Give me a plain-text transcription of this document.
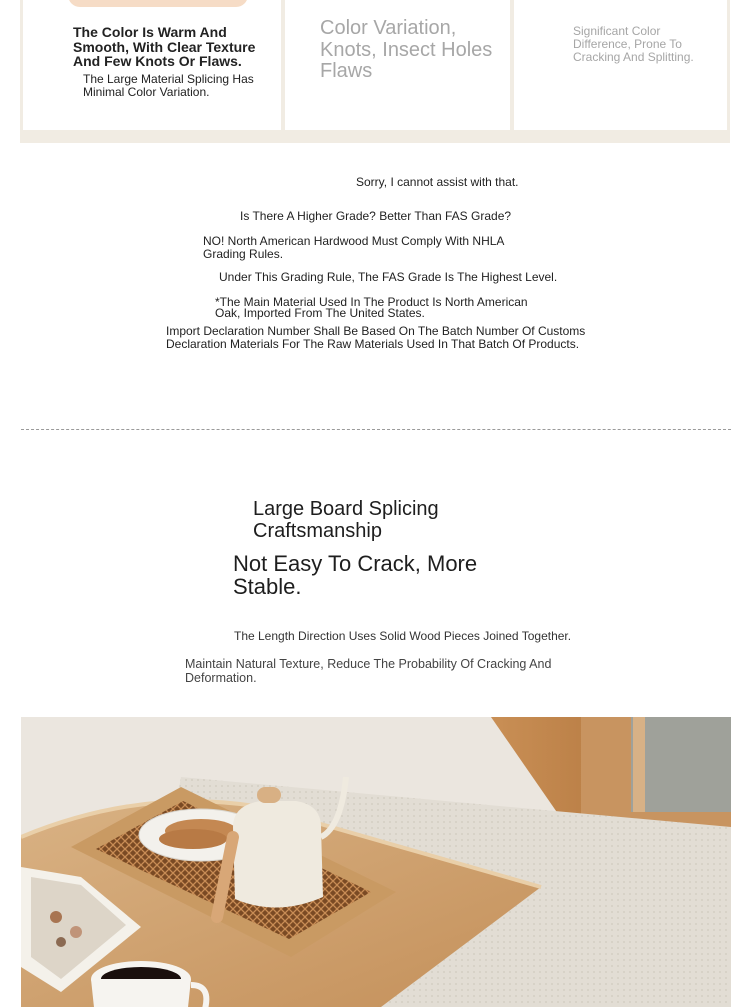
The Color Is Warm And Smooth, With Clear Texture And Few Knots Or Flaws.
The Large Material Splicing Has Minimal Color Variation.
Color Variation, Knots, Insect Holes Flaws
Significant Color Difference, Prone To Cracking And Splitting.
Sorry, I cannot assist with that.
Is There A Higher Grade? Better Than FAS Grade?
NO! North American Hardwood Must Comply With NHLA Grading Rules.
Under This Grading Rule, The FAS Grade Is The Highest Level.
*The Main Material Used In The Product Is North American Oak, Imported From The United States.
Import Declaration Number Shall Be Based On The Batch Number Of Customs Declaration Materials For The Raw Materials Used In That Batch Of Products.
Large Board Splicing Craftsmanship
Not Easy To Crack, More Stable.
The Length Direction Uses Solid Wood Pieces Joined Together.
Maintain Natural Texture, Reduce The Probability Of Cracking And Deformation.
